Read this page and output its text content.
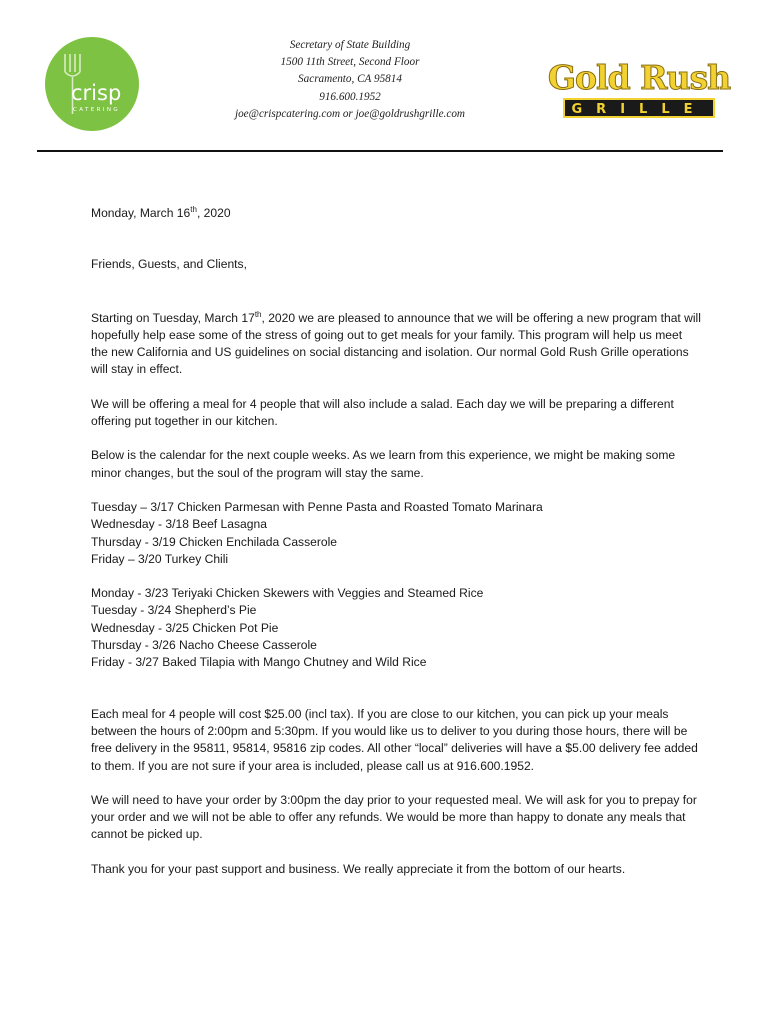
crisp
CATERING
Secretary of State Building
1500 11th Street, Second Floor
Sacramento, CA 95814
916.600.1952
joe@crispcatering.com or joe@goldrushgrille.com
Gold Rush
GRILLE

Monday, March 16th, 2020

Friends, Guests, and Clients,

Starting on Tuesday, March 17th, 2020 we are pleased to announce that we will be offering a new program that will hopefully help ease some of the stress of going out to get meals for your family. This program will help us meet the new California and US guidelines on social distancing and isolation. Our normal Gold Rush Grille operations will stay in effect.

We will be offering a meal for 4 people that will also include a salad. Each day we will be preparing a different offering put together in our kitchen.

Below is the calendar for the next couple weeks. As we learn from this experience, we might be making some minor changes, but the soul of the program will stay the same.

Tuesday – 3/17 Chicken Parmesan with Penne Pasta and Roasted Tomato Marinara

Wednesday - 3/18 Beef Lasagna

Thursday - 3/19 Chicken Enchilada Casserole

Friday – 3/20 Turkey Chili

Monday - 3/23 Teriyaki Chicken Skewers with Veggies and Steamed Rice

Tuesday - 3/24 Shepherd’s Pie

Wednesday - 3/25 Chicken Pot Pie

Thursday - 3/26 Nacho Cheese Casserole

Friday - 3/27 Baked Tilapia with Mango Chutney and Wild Rice

Each meal for 4 people will cost $25.00 (incl tax). If you are close to our kitchen, you can pick up your meals between the hours of 2:00pm and 5:30pm. If you would like us to deliver to you during those hours, there will be free delivery in the 95811, 95814, 95816 zip codes. All other “local” deliveries will have a $5.00 delivery fee added to them. If you are not sure if your area is included, please call us at 916.600.1952.

We will need to have your order by 3:00pm the day prior to your requested meal. We will ask for you to prepay for your order and we will not be able to offer any refunds. We would be more than happy to donate any meals that cannot be picked up.

Thank you for your past support and business. We really appreciate it from the bottom of our hearts.
